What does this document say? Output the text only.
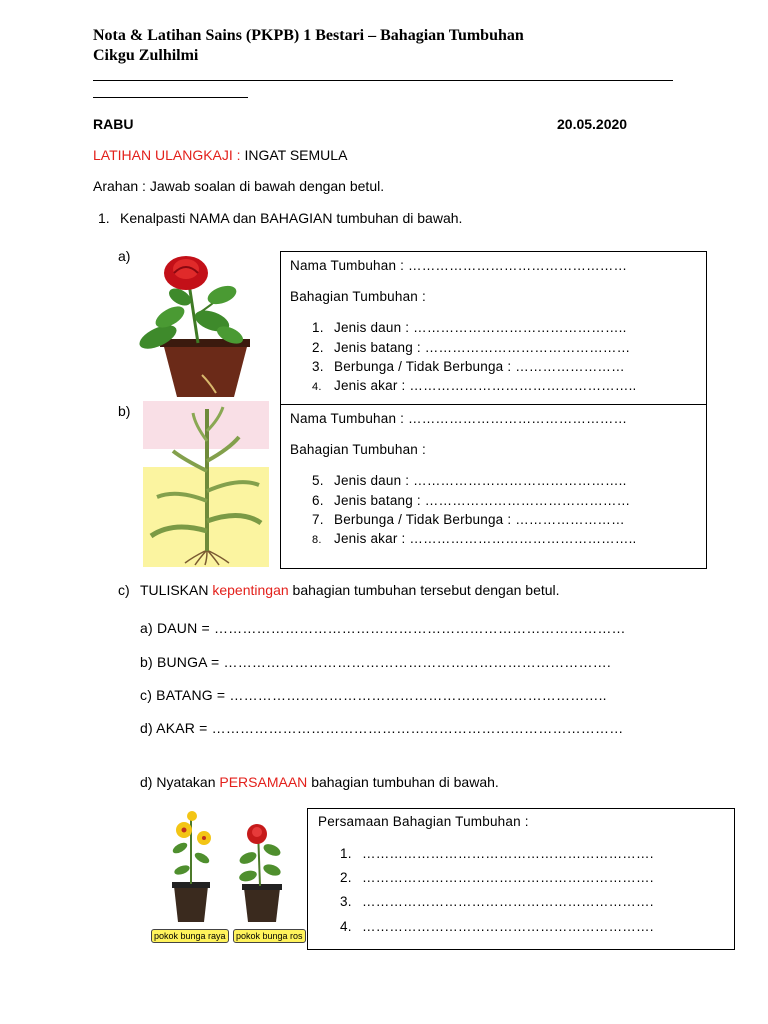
Nota & Latihan Sains (PKPB) 1 Bestari – Bahagian Tumbuhan
Cikgu Zulhilmi
RABU	20.05.2020
LATIHAN ULANGKAJI : INGAT SEMULA
Arahan : Jawab soalan di bawah dengan betul.
1. Kenalpasti NAMA dan BAHAGIAN tumbuhan di bawah.
a)
Nama Tumbuhan : …………………………………………
Bahagian Tumbuhan :
1. Jenis daun : ………………………………………..
2. Jenis batang : ………………………………………
3. Berbunga / Tidak Berbunga : ……………………
4. Jenis akar : …………………………………………..
b)	Nama Tumbuhan : …………………………………………
Bahagian Tumbuhan :
5. Jenis daun : ………………………………………..
6. Jenis batang : ………………………………………
7. Berbunga / Tidak Berbunga : ……………………
8. Jenis akar : …………………………………………..
c) TULISKAN kepentingan bahagian tumbuhan tersebut dengan betul.
a) DAUN = ……………………………………………………………………………
b) BUNGA = ……………………………………………………………………….
c) BATANG = ……………………………………………………………………..
d) AKAR = ……………………………………………………………………………
d) Nyatakan PERSAMAAN bahagian tumbuhan di bawah.
pokok bunga raya	pokok bunga ros
Persamaan Bahagian Tumbuhan :
1. ……………………………………………………….
2. ……………………………………………………….
3. ……………………………………………………….
4. ……………………………………………………….
